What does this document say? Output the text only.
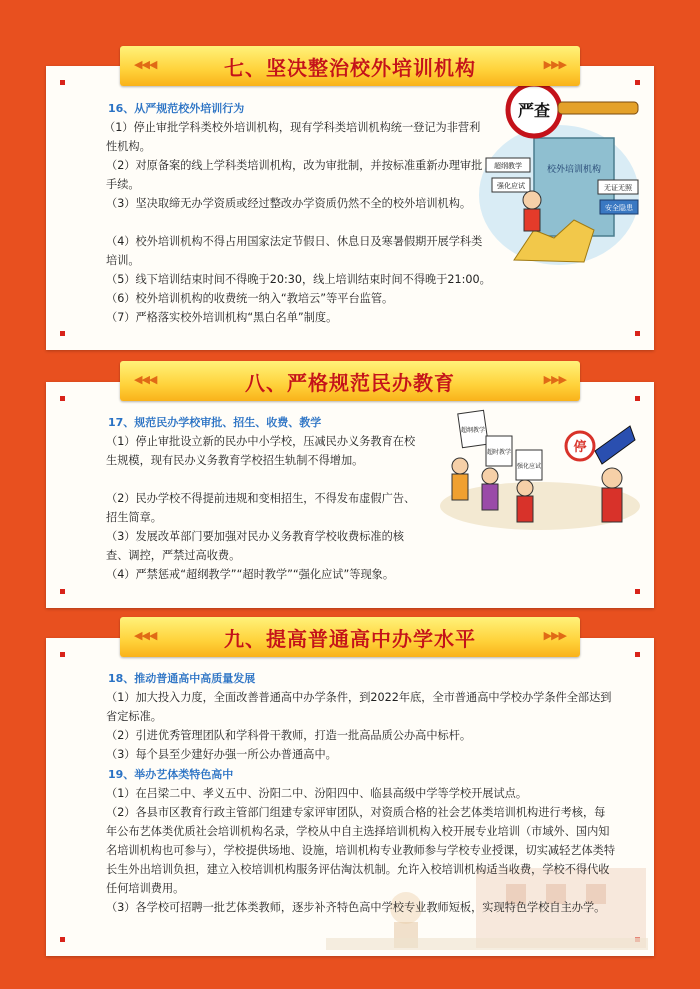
16、从严规范校外培训行为

（1）停止审批学科类校外培训机构，现有学科类培训机构统一登记为非营利性机构。

（2）对原备案的线上学科类培训机构，改为审批制，并按标准重新办理审批手续。

（3）坚决取缔无办学资质或经过整改办学资质仍然不全的校外培训机构。

（4）校外培训机构不得占用国家法定节假日、休息日及寒暑假期开展学科类培训。

（5）线下培训结束时间不得晚于20:30，线上培训结束时间不得晚于21:00。

（6）校外培训机构的收费统一纳入“教培云”等平台监管。

（7）严格落实校外培训机构“黑白名单”制度。

校外培训机构
严查
超纲教学
强化应试	无证无照
安全隐患
◀◀◀	七、坚决整治校外培训机构	▶▶▶
17、规范民办学校审批、招生、收费、教学

（1）停止审批设立新的民办中小学校，压减民办义务教育在校生规模，现有民办义务教育学校招生轨制不得增加。

（2）民办学校不得提前违规和变相招生，不得发布虚假广告、招生简章。

（3）发展改革部门要加强对民办义务教育学校收费标准的核查、调控，严禁过高收费。

（4）严禁惩戒“超纲教学”“超时教学”“强化应试”等现象。

超纲教学
超时教学
强化应试
停
◀◀◀	八、严格规范民办教育	▶▶▶
18、推动普通高中高质量发展

（1）加大投入力度，全面改善普通高中办学条件，到2022年底，全市普通高中学校办学条件全部达到省定标准。

（2）引进优秀管理团队和学科骨干教师，打造一批高品质公办高中标杆。

（3）每个县至少建好办强一所公办普通高中。

19、举办艺体类特色高中

（1）在吕梁二中、孝义五中、汾阳二中、汾阳四中、临县高级中学等学校开展试点。

（2）各县市区教育行政主管部门组建专家评审团队，对资质合格的社会艺体类培训机构进行考核，每年公布艺体类优质社会培训机构名录，学校从中自主选择培训机构入校开展专业培训（市域外、国内知名培训机构也可参与），学校提供场地、设施，培训机构专业教师参与学校专业授课，切实减轻艺体类特长生外出培训负担，建立入校培训机构服务评估淘汰机制。允许入校培训机构适当收费，学校不得代收任何培训费用。

（3）各学校可招聘一批艺体类教师，逐步补齐特色高中学校专业教师短板，实现特色学校自主办学。

◀◀◀	九、提高普通高中办学水平	▶▶▶
